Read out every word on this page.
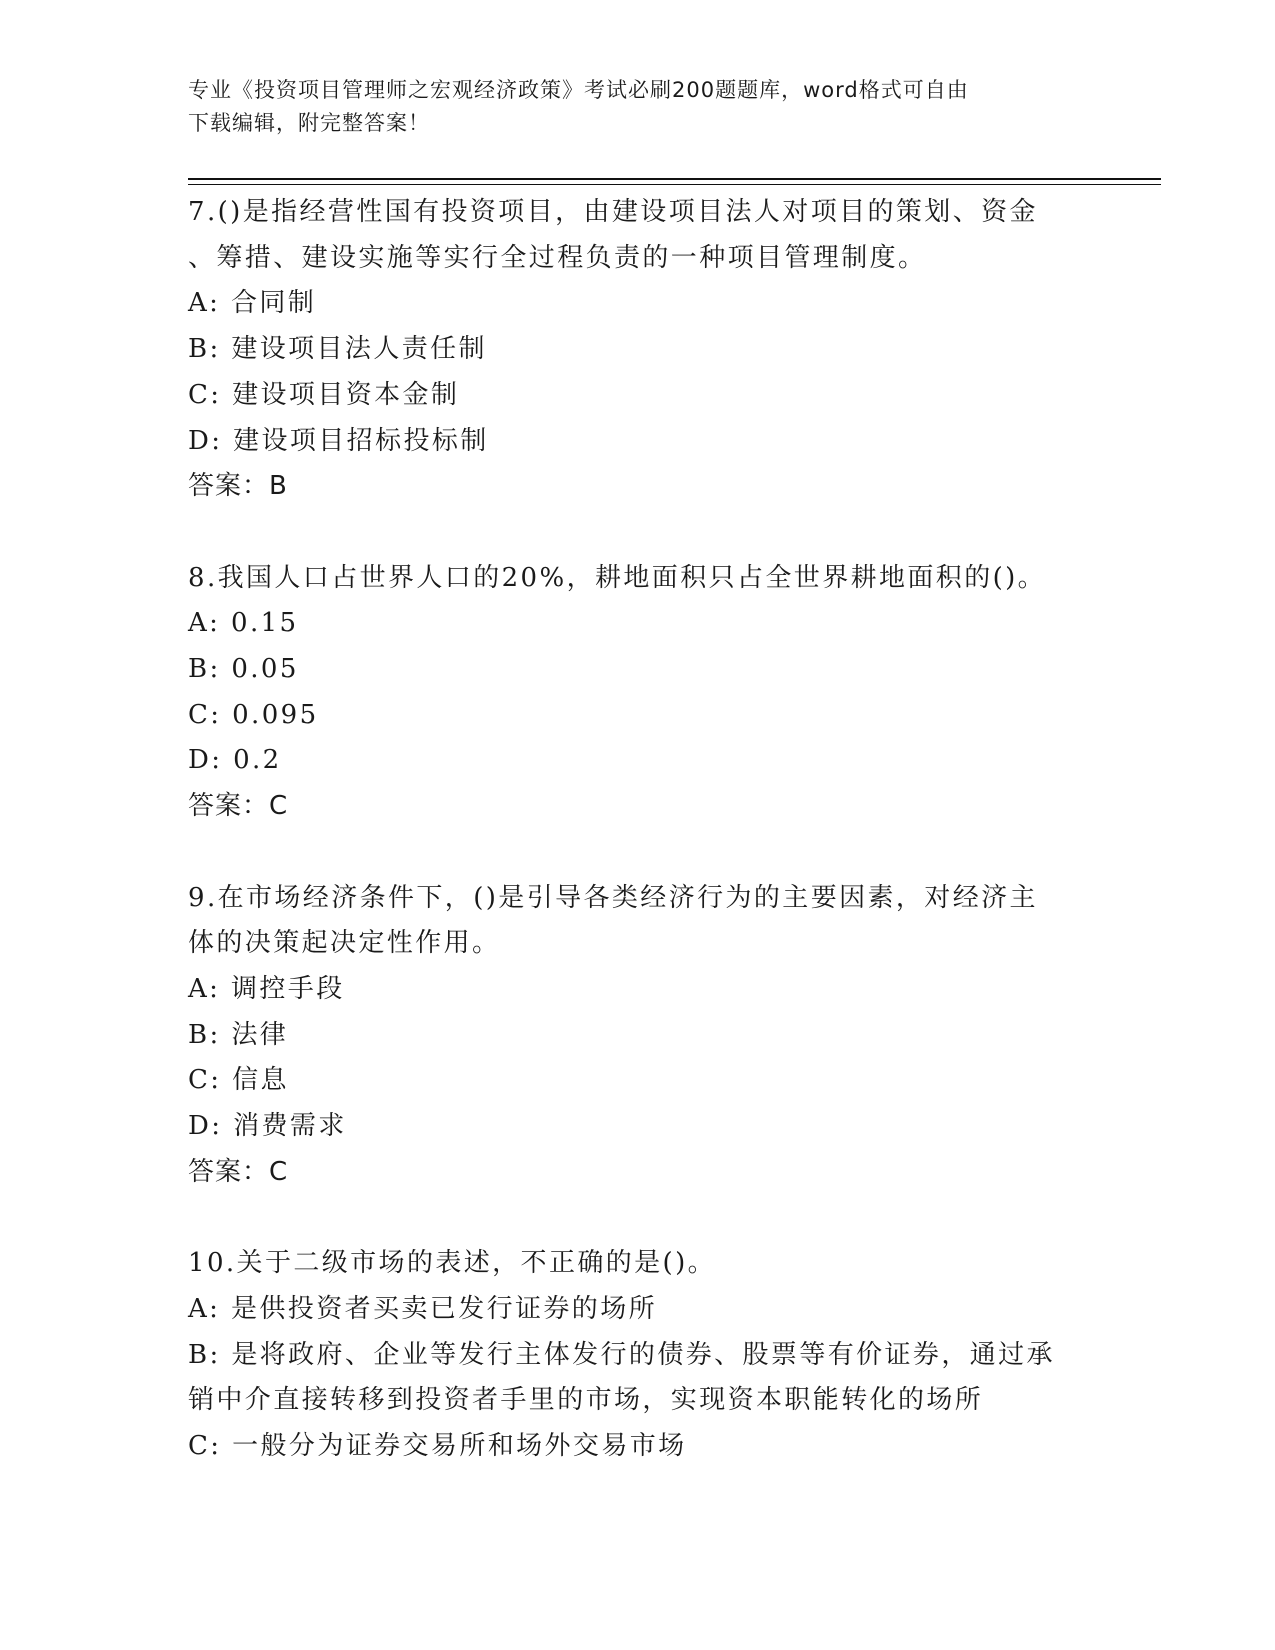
专业《投资项目管理师之宏观经济政策》考试必刷200题题库，word格式可自由
下载编辑，附完整答案！
7.()是指经营性国有投资项目，由建设项目法人对项目的策划、资金
、筹措、建设实施等实行全过程负责的一种项目管理制度。
A: 合同制
B: 建设项目法人责任制
C: 建设项目资本金制
D: 建设项目招标投标制
答案：B
8.我国人口占世界人口的20%，耕地面积只占全世界耕地面积的()。
A: 0.15
B: 0.05
C: 0.095
D: 0.2
答案：C
9.在市场经济条件下，()是引导各类经济行为的主要因素，对经济主
体的决策起决定性作用。
A: 调控手段
B: 法律
C: 信息
D: 消费需求
答案：C
10.关于二级市场的表述，不正确的是()。
A: 是供投资者买卖已发行证券的场所
B: 是将政府、企业等发行主体发行的债券、股票等有价证券，通过承
销中介直接转移到投资者手里的市场，实现资本职能转化的场所
C: 一般分为证券交易所和场外交易市场
